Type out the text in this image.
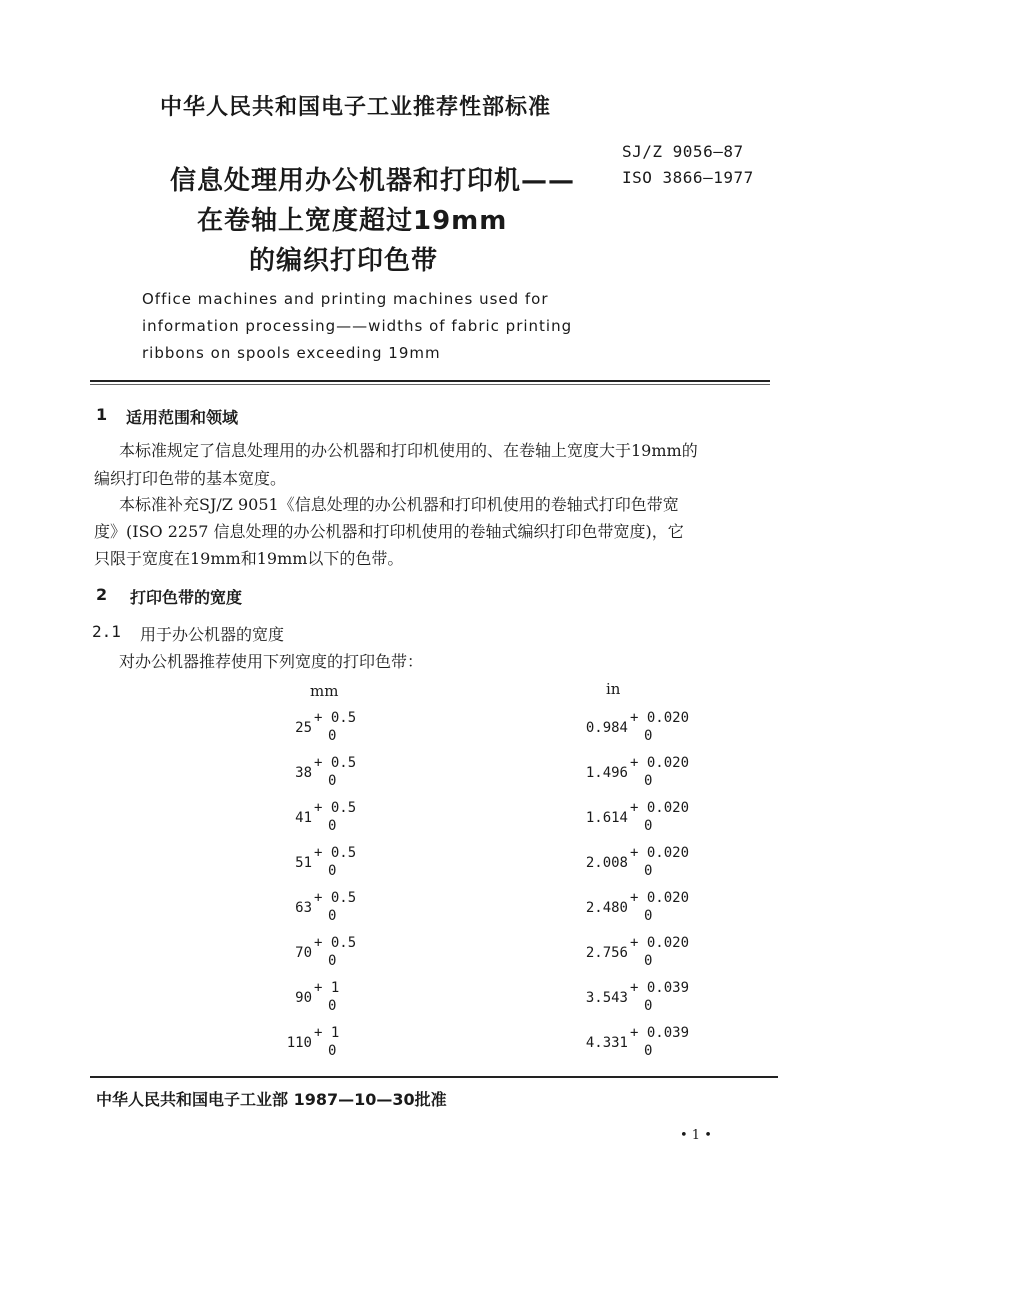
中华人民共和国电子工业推荐性部标准
SJ/Z 9056—87
ISO 3866—1977
信息处理用办公机器和打印机——
在卷轴上宽度超过19mm
的编织打印色带
Office machines and printing machines used for
information processing——widths of fabric printing
ribbons on spools exceeding 19mm
1 适用范围和领域
本标准规定了信息处理用的办公机器和打印机使用的、在卷轴上宽度大于19mm的
编织打印色带的基本宽度。
本标准补充SJ/Z 9051《信息处理的办公机器和打印机使用的卷轴式打印色带宽
度》(ISO 2257 信息处理的办公机器和打印机使用的卷轴式编织打印色带宽度)，它
只限于宽度在19mm和19mm以下的色带。
2 打印色带的宽度
2.1 用于办公机器的宽度
对办公机器推荐使用下列宽度的打印色带：
mm	in
25
+ 0.5
0	0.984
+ 0.020
0
38
+ 0.5
0	1.496
+ 0.020
0
41
+ 0.5
0	1.614
+ 0.020
0
51
+ 0.5
0	2.008
+ 0.020
0
63
+ 0.5
0	2.480
+ 0.020
0
70
+ 0.5
0	2.756
+ 0.020
0
90
+ 1
0	3.543
+ 0.039
0
110
+ 1
0	4.331
+ 0.039
0
中华人民共和国电子工业部 1987—10—30批准
• 1 •
